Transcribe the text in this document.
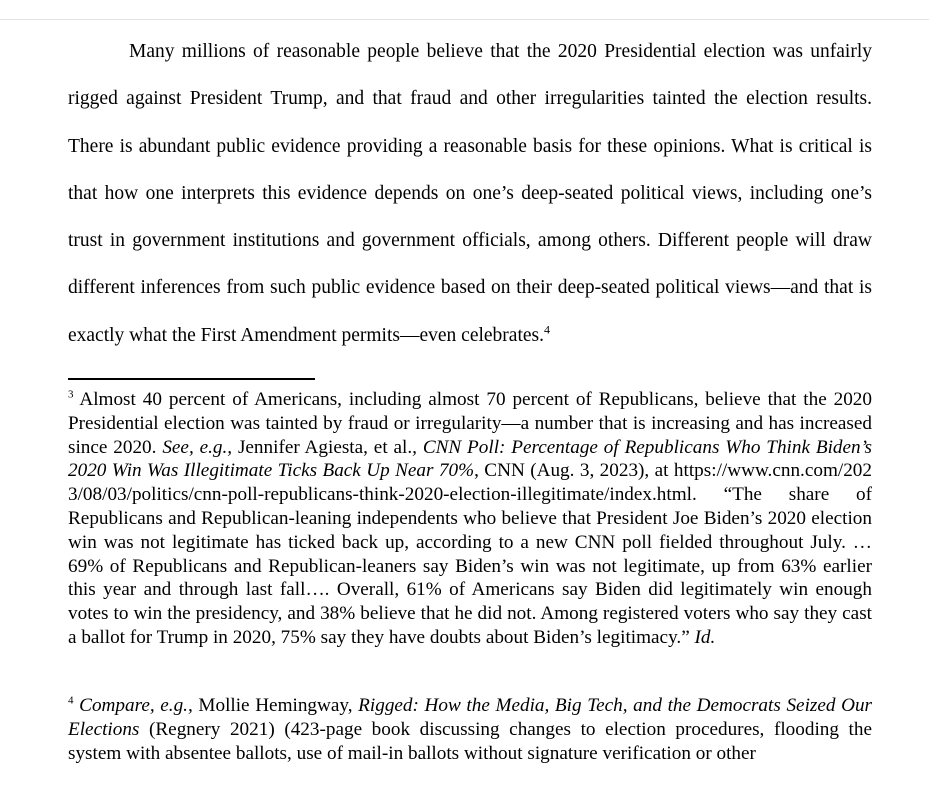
Many millions of reasonable people believe that the 2020 Presidential election was unfairly rigged against President Trump, and that fraud and other irregularities tainted the election results. There is abundant public evidence providing a reasonable basis for these opinions. What is critical is that how one interprets this evidence depends on one’s deep-seated political views, including one’s trust in government institutions and government officials, among others. Different people will draw different inferences from such public evidence based on their deep-seated political views—and that is exactly what the First Amendment permits—even celebrates.$^4$

$^3$ Almost 40 percent of Americans, including almost 70 percent of Republicans, believe that the 2020 Presidential election was tainted by fraud or irregularity—a number that is increasing and has increased since 2020. See, e.g., Jennifer Agiesta, et al., CNN Poll: Percentage of Republicans Who Think Biden’s 2020 Win Was Illegitimate Ticks Back Up Near 70%, CNN (Aug. 3, 2023), at https://www.cnn.com/2023/08/03/politics/cnn-poll-republicans-think-2020-election-illegitimate/index.html. “The share of Republicans and Republican-leaning independents who believe that President Joe Biden’s 2020 election win was not legitimate has ticked back up, according to a new CNN poll fielded throughout July. … 69% of Republicans and Republican-leaners say Biden’s win was not legitimate, up from 63% earlier this year and through last fall…. Overall, 61% of Americans say Biden did legitimately win enough votes to win the presidency, and 38% believe that he did not. Among registered voters who say they cast a ballot for Trump in 2020, 75% say they have doubts about Biden’s legitimacy.” Id.

$^4$ Compare, e.g., Mollie Hemingway, Rigged: How the Media, Big Tech, and the Democrats Seized Our Elections (Regnery 2021) (423-page book discussing changes to election procedures, flooding the system with absentee ballots, use of mail-in ballots without signature verification or other
